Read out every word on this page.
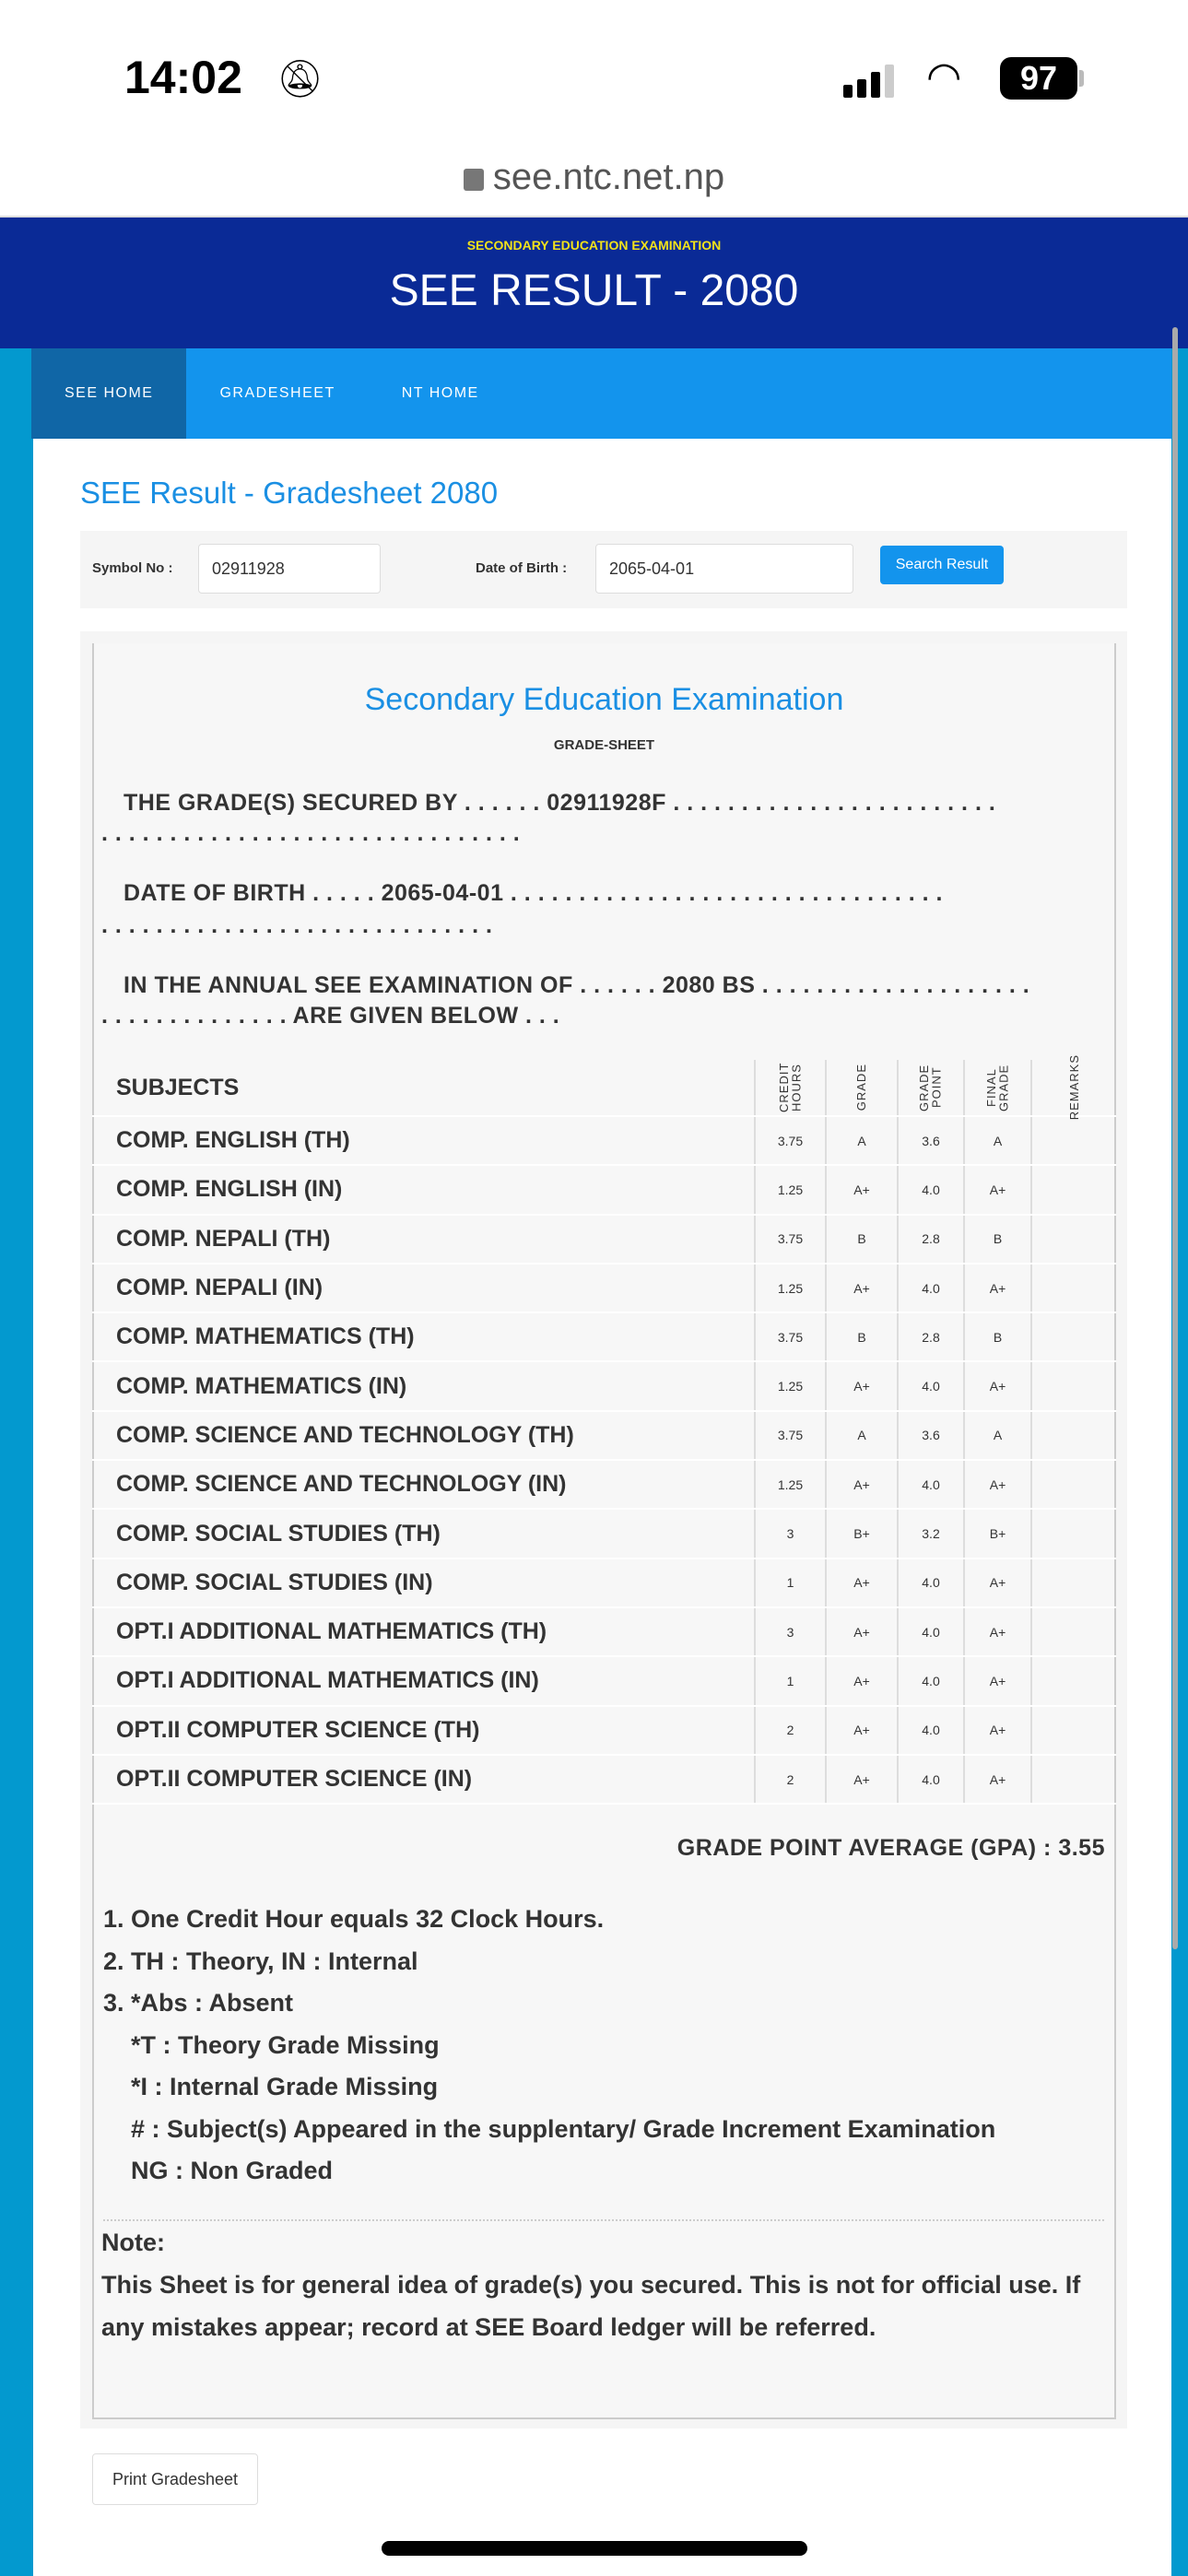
14:02 🔕︎	◠	97
see.ntc.net.np
SECONDARY EDUCATION EXAMINATION
SEE RESULT - 2080
SEE HOME	GRADESHEET	NT HOME
SEE Result - Gradesheet 2080
Symbol No :	02911928	Date of Birth :	2065-04-01	Search Result
Secondary Education Examination
GRADE-SHEET
THE GRADE(S) SECURED BY . . . . . . 02911928F . . . . . . . . . . . . . . . . . . . . . . . .
. . . . . . . . . . . . . . . . . . . . . . . . . . . . . . .
DATE OF BIRTH . . . . . 2065-04-01 . . . . . . . . . . . . . . . . . . . . . . . . . . . . . . . .
. . . . . . . . . . . . . . . . . . . . . . . . . . . . .
IN THE ANNUAL SEE EXAMINATION OF . . . . . . 2080 BS . . . . . . . . . . . . . . . . . . . .
. . . . . . . . . . . . . . ARE GIVEN BELOW . . .
SUBJECTS	CREDIT HOURS	GRADE	GRADE POINT	FINAL GRADE	REMARKS
COMP. ENGLISH (TH)	3.75	A	3.6	A
COMP. ENGLISH (IN)	1.25	A+	4.0	A+
COMP. NEPALI (TH)	3.75	B	2.8	B
COMP. NEPALI (IN)	1.25	A+	4.0	A+
COMP. MATHEMATICS (TH)	3.75	B	2.8	B
COMP. MATHEMATICS (IN)	1.25	A+	4.0	A+
COMP. SCIENCE AND TECHNOLOGY (TH)	3.75	A	3.6	A
COMP. SCIENCE AND TECHNOLOGY (IN)	1.25	A+	4.0	A+
COMP. SOCIAL STUDIES (TH)	3	B+	3.2	B+
COMP. SOCIAL STUDIES (IN)	1	A+	4.0	A+
OPT.I ADDITIONAL MATHEMATICS (TH)	3	A+	4.0	A+
OPT.I ADDITIONAL MATHEMATICS (IN)	1	A+	4.0	A+
OPT.II COMPUTER SCIENCE (TH)	2	A+	4.0	A+
OPT.II COMPUTER SCIENCE (IN)	2	A+	4.0	A+
GRADE POINT AVERAGE (GPA) : 3.55
1. One Credit Hour equals 32 Clock Hours.
2. TH : Theory, IN : Internal
3. *Abs : Absent
*T : Theory Grade Missing
*I : Internal Grade Missing
# : Subject(s) Appeared in the supplentary/ Grade Increment Examination
NG : Non Graded
Note:
This Sheet is for general idea of grade(s) you secured. This is not for official use. If any mistakes appear; record at SEE Board ledger will be referred.
Print Gradesheet
